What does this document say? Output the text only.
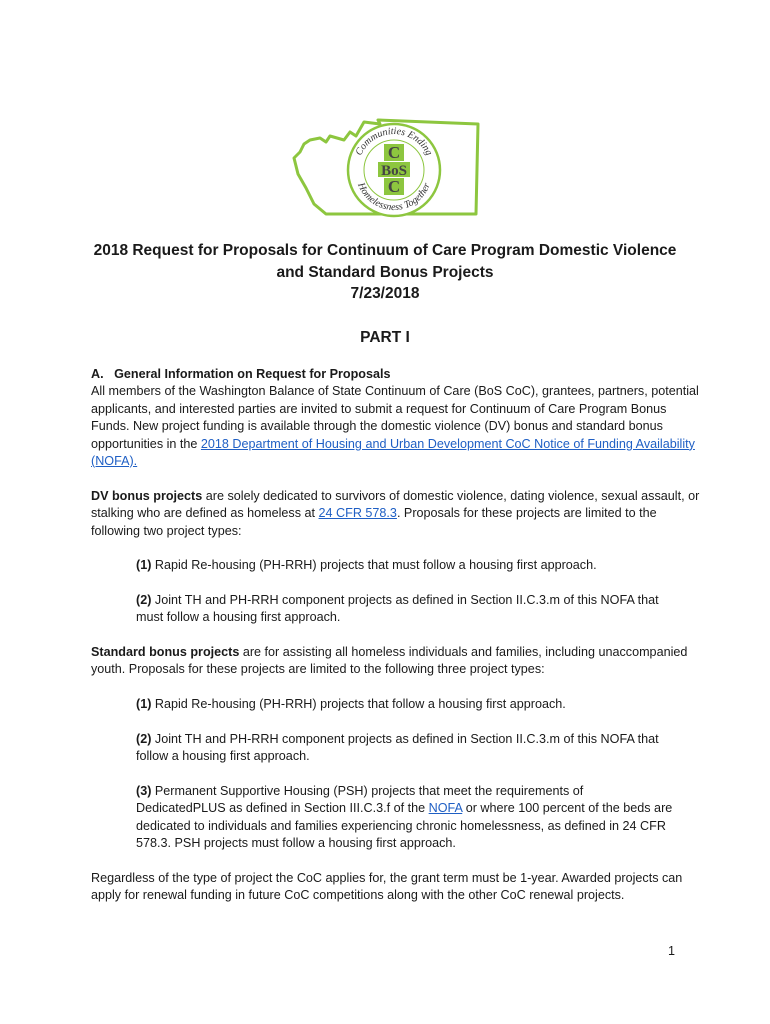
Communities Ending
Homelessness Together
C
BoS
C
2018 Request for Proposals for Continuum of Care Program Domestic Violence
and Standard Bonus Projects
7/23/2018
PART I
A. General Information on Request for Proposals
All members of the Washington Balance of State Continuum of Care (BoS CoC), grantees, partners, potential applicants, and interested parties are invited to submit a request for Continuum of Care Program Bonus Funds. New project funding is available through the domestic violence (DV) bonus and standard bonus opportunities in the 2018 Department of Housing and Urban Development CoC Notice of Funding Availability (NOFA).
DV bonus projects are solely dedicated to survivors of domestic violence, dating violence, sexual assault, or stalking who are defined as homeless at 24 CFR 578.3. Proposals for these projects are limited to the following two project types:
(1) Rapid Re-housing (PH-RRH) projects that must follow a housing first approach.
(2) Joint TH and PH-RRH component projects as defined in Section II.C.3.m of this NOFA that must follow a housing first approach.
Standard bonus projects are for assisting all homeless individuals and families, including unaccompanied youth. Proposals for these projects are limited to the following three project types:
(1) Rapid Re-housing (PH-RRH) projects that follow a housing first approach.
(2) Joint TH and PH-RRH component projects as defined in Section II.C.3.m of this NOFA that follow a housing first approach.
(3) Permanent Supportive Housing (PSH) projects that meet the requirements of DedicatedPLUS as defined in Section III.C.3.f of the NOFA or where 100 percent of the beds are dedicated to individuals and families experiencing chronic homelessness, as defined in 24 CFR 578.3. PSH projects must follow a housing first approach.
Regardless of the type of project the CoC applies for, the grant term must be 1-year. Awarded projects can apply for renewal funding in future CoC competitions along with the other CoC renewal projects.
1
